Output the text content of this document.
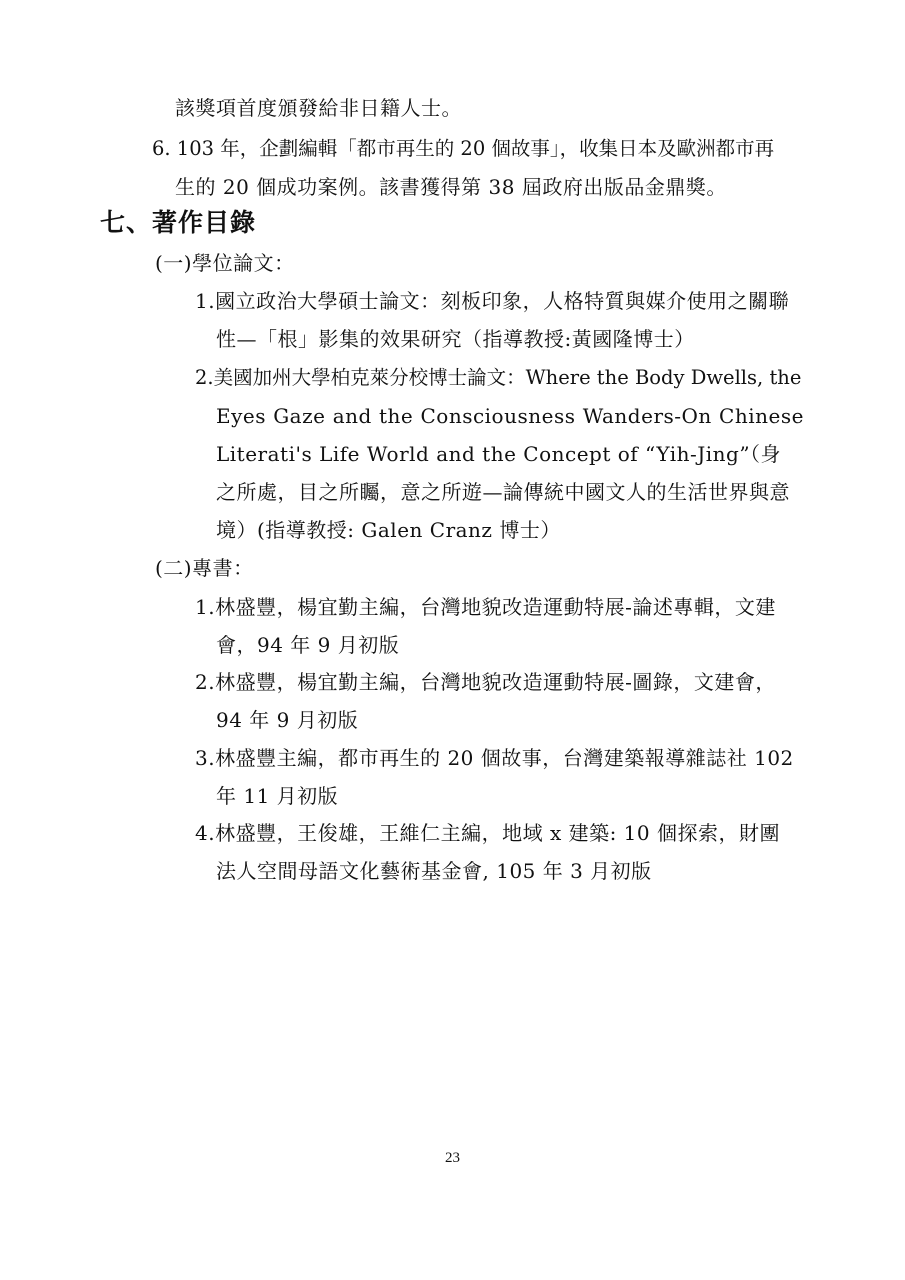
該獎項首度頒發給非日籍人士。
6. 103 年，企劃編輯「都市再生的 20 個故事」，收集日本及歐洲都市再
生的 20 個成功案例。該書獲得第 38 屆政府出版品金鼎獎。
七、著作目錄
(一)學位論文：
1.國立政治大學碩士論文：刻板印象，人格特質與媒介使用之關聯
性—「根」影集的效果研究（指導教授:黃國隆博士）
2.美國加州大學柏克萊分校博士論文：Where the Body Dwells, the
Eyes Gaze and the Consciousness Wanders-On Chinese
Literati's Life World and the Concept of “Yih-Jing”（身
之所處，目之所矚，意之所遊—論傳統中國文人的生活世界與意
境）(指導教授: Galen Cranz 博士）
(二)專書：
1.林盛豐，楊宜勤主編，台灣地貌改造運動特展-論述專輯，文建
會，94 年 9 月初版
2.林盛豐，楊宜勤主編，台灣地貌改造運動特展-圖錄，文建會，
94 年 9 月初版
3.林盛豐主編，都市再生的 20 個故事，台灣建築報導雜誌社 102
年 11 月初版
4.林盛豐，王俊雄，王維仁主編，地域 x 建築: 10 個探索，財團
法人空間母語文化藝術基金會, 105 年 3 月初版
23
